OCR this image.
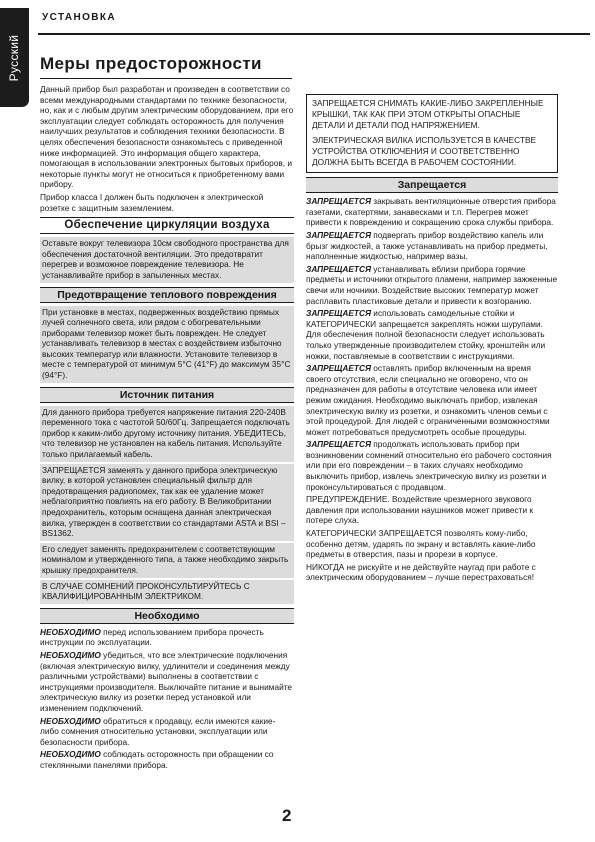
Русский
УСТАНОВКА
Меры предосторожности

Данный прибор был разработан и произведен в соответствии со всеми международными стандартами по технике безопасности, но, как и с любым другим электрическим оборудованием, при его эксплуатации следует соблюдать осторожность для получения наилучших результатов и соблюдения техники безопасности. В целях обеспечения безопасности ознакомьтесь с приведенной ниже информацией. Это информация общего характера, помогающая в использовании электронных бытовых приборов, и некоторые пункты могут не относиться к приобретенному вами прибору.

Прибор класса I должен быть подключен к электрической розетке с защитным заземлением.

Обеспечение циркуляции воздуха

Оставьте вокруг телевизора 10см свободного пространства для обеспечения достаточной вентиляции. Это предотвратит перегрев и возможное повреждение телевизора. Не устанавливайте прибор в запыленных местах.

Предотвращение теплового повреждения

При установке в местах, подверженных воздействию прямых лучей солнечного света, или рядом с обогревательными приборами телевизор может быть поврежден. Не следует устанавливать телевизор в местах с воздействием избыточно высоких температур или влажности. Установите телевизор в месте с температурой от минимум 5°C (41°F) до максимум 35°C (94°F).

Источник питания

Для данного прибора требуется напряжение питания 220-240В переменного тока с частотой 50/60Гц. Запрещается подключать прибор к каким-либо другому источнику питания. УБЕДИТЕСЬ, что телевизор не установлен на кабель питания. Используйте только прилагаемый кабель.

ЗАПРЕЩАЕТСЯ заменять у данного прибора электрическую вилку, в которой установлен специальный фильтр для предотвращения радиопомех, так как ее удаление может неблагоприятно повлиять на его работу. В Великобритании предохранитель, которым оснащена данная электрическая вилка, утвержден в соответствии со стандартами ASTA и BSI – BS1362.

Его следует заменять предохранителем с соответствующим номиналом и утвержденного типа, а также необходимо закрыть крышку предохранителя.

В СЛУЧАЕ СОМНЕНИЙ ПРОКОНСУЛЬТИРУЙТЕСЬ С КВАЛИФИЦИРОВАННЫМ ЭЛЕКТРИКОМ.

Необходимо

НЕОБХОДИМО перед использованием прибора прочесть инструкции по эксплуатации.

НЕОБХОДИМО убедиться, что все электрические подключения (включая электрическую вилку, удлинители и соединения между различными устройствами) выполнены в соответствии с инструкциями производителя. Выключайте питание и вынимайте электрическую вилку из розетки перед установкой или изменением подключений.

НЕОБХОДИМО обратиться к продавцу, если имеются какие-либо сомнения относительно установки, эксплуатации или безопасности прибора.

НЕОБХОДИМО соблюдать осторожность при обращении со стеклянными панелями прибора.

ЗАПРЕЩАЕТСЯ СНИМАТЬ КАКИЕ-ЛИБО ЗАКРЕПЛЕННЫЕ КРЫШКИ, ТАК КАК ПРИ ЭТОМ ОТКРЫТЫ ОПАСНЫЕ ДЕТАЛИ И ДЕТАЛИ ПОД НАПРЯЖЕНИЕМ.

ЭЛЕКТРИЧЕСКАЯ ВИЛКА ИСПОЛЬЗУЕТСЯ В КАЧЕСТВЕ УСТРОЙСТВА ОТКЛЮЧЕНИЯ И СООТВЕТСТВЕННО ДОЛЖНА БЫТЬ ВСЕГДА В РАБОЧЕМ СОСТОЯНИИ.

Запрещается

ЗАПРЕЩАЕТСЯ закрывать вентиляционные отверстия прибора газетами, скатертями, занавесками и т.п. Перегрев может привести к повреждению и сокращению срока службы прибора.

ЗАПРЕЩАЕТСЯ подвергать прибор воздействию капель или брызг жидкостей, а также устанавливать на прибор предметы, наполненные жидкостью, например вазы.

ЗАПРЕЩАЕТСЯ устанавливать вблизи прибора горячие предметы и источники открытого пламени, например зажженные свечи или ночники. Воздействие высоких температур может расплавить пластиковые детали и привести к возгоранию.

ЗАПРЕЩАЕТСЯ использовать самодельные стойки и КАТЕГОРИЧЕСКИ запрещается закреплять ножки шурупами. Для обеспечения полной безопасности следует использовать только утвержденные производителем стойку, кронштейн или ножки, поставляемые в соответствии с инструкциями.

ЗАПРЕЩАЕТСЯ оставлять прибор включенным на время своего отсутствия, если специально не оговорено, что он предназначен для работы в отсутствие человека или имеет режим ожидания. Необходимо выключать прибор, извлекая электрическую вилку из розетки, и ознакомить членов семьи с этой процедурой. Для людей с ограниченными возможностями может потребоваться предусмотреть особые процедуры.

ЗАПРЕЩАЕТСЯ продолжать использовать прибор при возникновении сомнений относительно его рабочего состояния или при его повреждении – в таких случаях необходимо выключить прибор, извлечь электрическую вилку из розетки и проконсультироваться с продавцом.

ПРЕДУПРЕЖДЕНИЕ. Воздействие чрезмерного звукового давления при использовании наушников может привести к потере слуха.

КАТЕГОРИЧЕСКИ ЗАПРЕЩАЕТСЯ позволять кому-либо, особенно детям, ударять по экрану и вставлять какие-либо предметы в отверстия, пазы и прорези в корпусе.

НИКОГДА не рискуйте и не действуйте наугад при работе с электрическим оборудованием – лучше перестраховаться!

2
